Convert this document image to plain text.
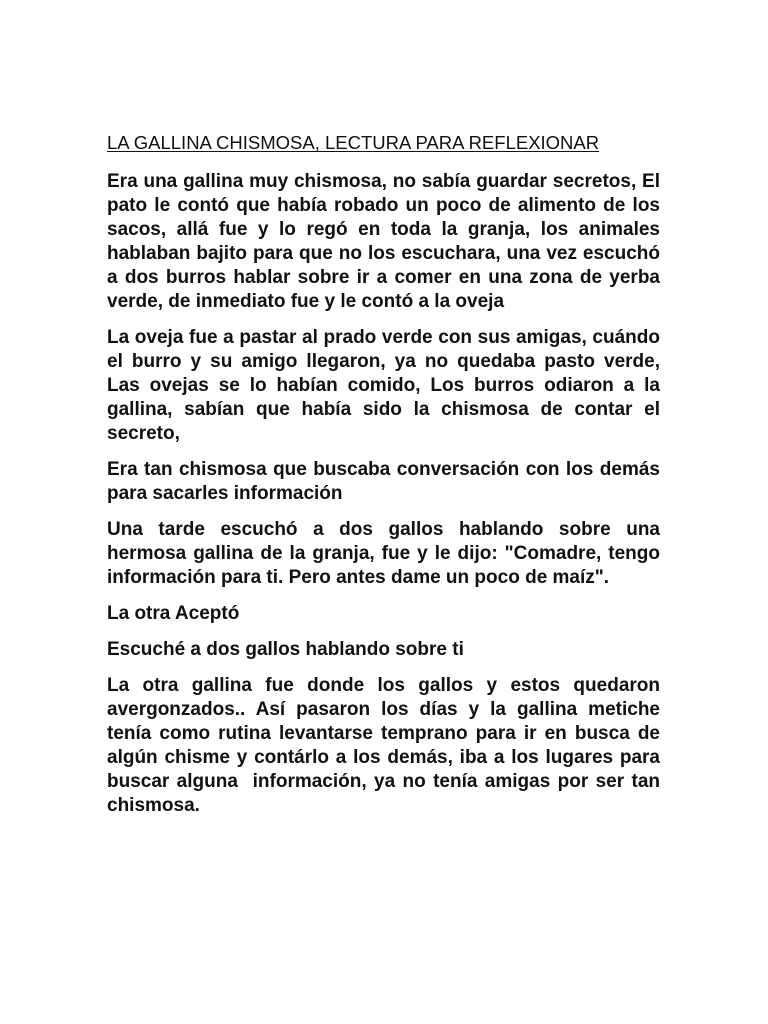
LA GALLINA CHISMOSA, LECTURA PARA REFLEXIONAR

Era una gallina muy chismosa, no sabía guardar secretos, El pato le contó que había robado un poco de alimento de los sacos, allá fue y lo regó en toda la granja, los animales hablaban bajito para que no los escuchara, una vez escuchó a dos burros hablar sobre ir a comer en una zona de yerba verde, de inmediato fue y le contó a la oveja

La oveja fue a pastar al prado verde con sus amigas, cuándo el burro y su amigo llegaron, ya no quedaba pasto verde, Las ovejas se lo habían comido, Los burros odiaron a la gallina, sabían que había sido la chismosa de contar el secreto,

Era tan chismosa que buscaba conversación con los demás para sacarles información

Una tarde escuchó a dos gallos hablando sobre una hermosa gallina de la granja, fue y le dijo: "Comadre, tengo información para ti. Pero antes dame un poco de maíz".

La otra Aceptó

Escuché a dos gallos hablando sobre ti

La otra gallina fue donde los gallos y estos quedaron avergonzados.. Así pasaron los días y la gallina metiche tenía como rutina levantarse temprano para ir en busca de algún chisme y contárlo a los demás, iba a los lugares para buscar alguna  información, ya no tenía amigas por ser tan chismosa.
